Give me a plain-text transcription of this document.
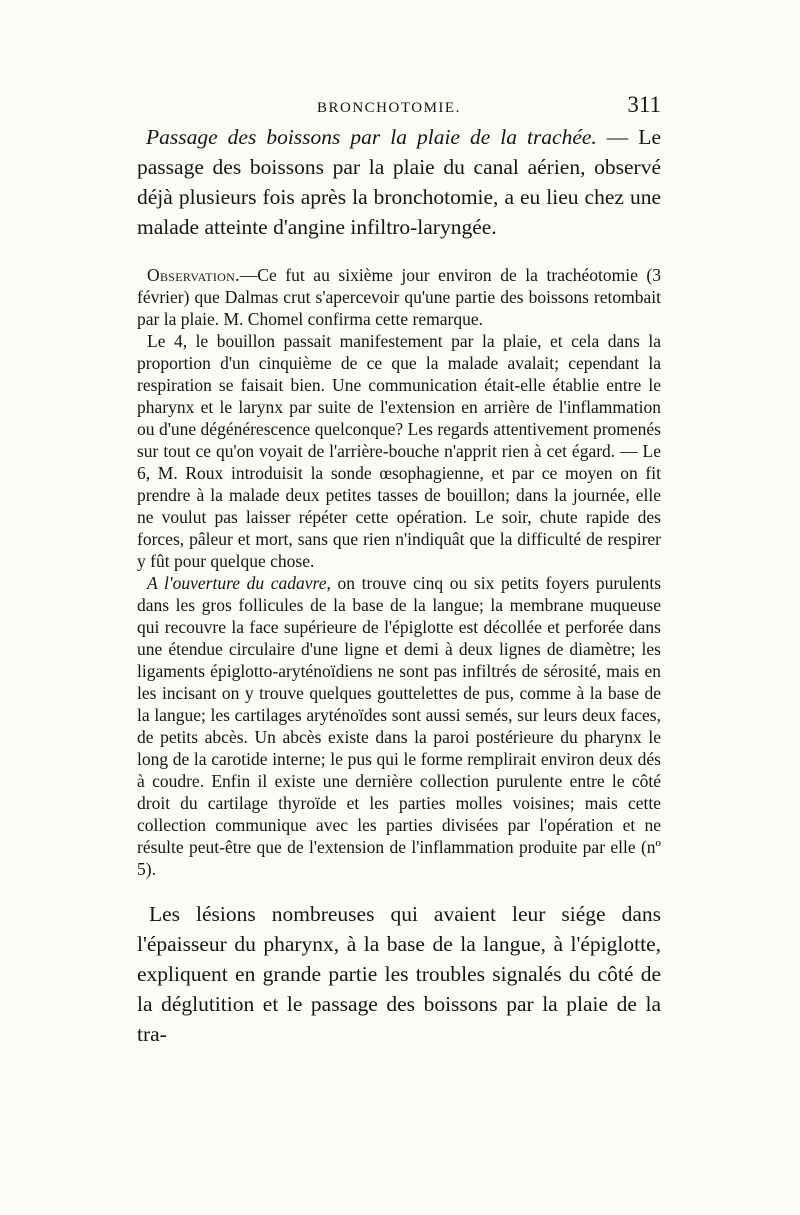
BRONCHOTOMIE.	311

Passage des boissons par la plaie de la trachée. — Le passage des boissons par la plaie du canal aérien, observé déjà plusieurs fois après la bronchotomie, a eu lieu chez une malade atteinte d'angine infiltro-laryngée.

Observation.—Ce fut au sixième jour environ de la trachéotomie (3 février) que Dalmas crut s'apercevoir qu'une partie des boissons retombait par la plaie. M. Chomel confirma cette remarque.

Le 4, le bouillon passait manifestement par la plaie, et cela dans la proportion d'un cinquième de ce que la malade avalait; cependant la respiration se faisait bien. Une communication était-elle établie entre le pharynx et le larynx par suite de l'extension en arrière de l'inflammation ou d'une dégénérescence quelconque? Les regards attentivement promenés sur tout ce qu'on voyait de l'arrière-bouche n'apprit rien à cet égard. — Le 6, M. Roux introduisit la sonde œsophagienne, et par ce moyen on fit prendre à la malade deux petites tasses de bouillon; dans la journée, elle ne voulut pas laisser répéter cette opération. Le soir, chute rapide des forces, pâleur et mort, sans que rien n'indiquât que la difficulté de respirer y fût pour quelque chose.

A l'ouverture du cadavre, on trouve cinq ou six petits foyers purulents dans les gros follicules de la base de la langue; la membrane muqueuse qui recouvre la face supérieure de l'épiglotte est décollée et perforée dans une étendue circulaire d'une ligne et demi à deux lignes de diamètre; les ligaments épiglotto-aryténoïdiens ne sont pas infiltrés de sérosité, mais en les incisant on y trouve quelques gouttelettes de pus, comme à la base de la langue; les cartilages aryténoïdes sont aussi semés, sur leurs deux faces, de petits abcès. Un abcès existe dans la paroi postérieure du pharynx le long de la carotide interne; le pus qui le forme remplirait environ deux dés à coudre. Enfin il existe une dernière collection purulente entre le côté droit du cartilage thyroïde et les parties molles voisines; mais cette collection communique avec les parties divisées par l'opération et ne résulte peut-être que de l'extension de l'inflammation produite par elle (nº 5).

Les lésions nombreuses qui avaient leur siége dans l'épaisseur du pharynx, à la base de la langue, à l'épiglotte, expliquent en grande partie les troubles signalés du côté de la déglutition et le passage des boissons par la plaie de la tra-
